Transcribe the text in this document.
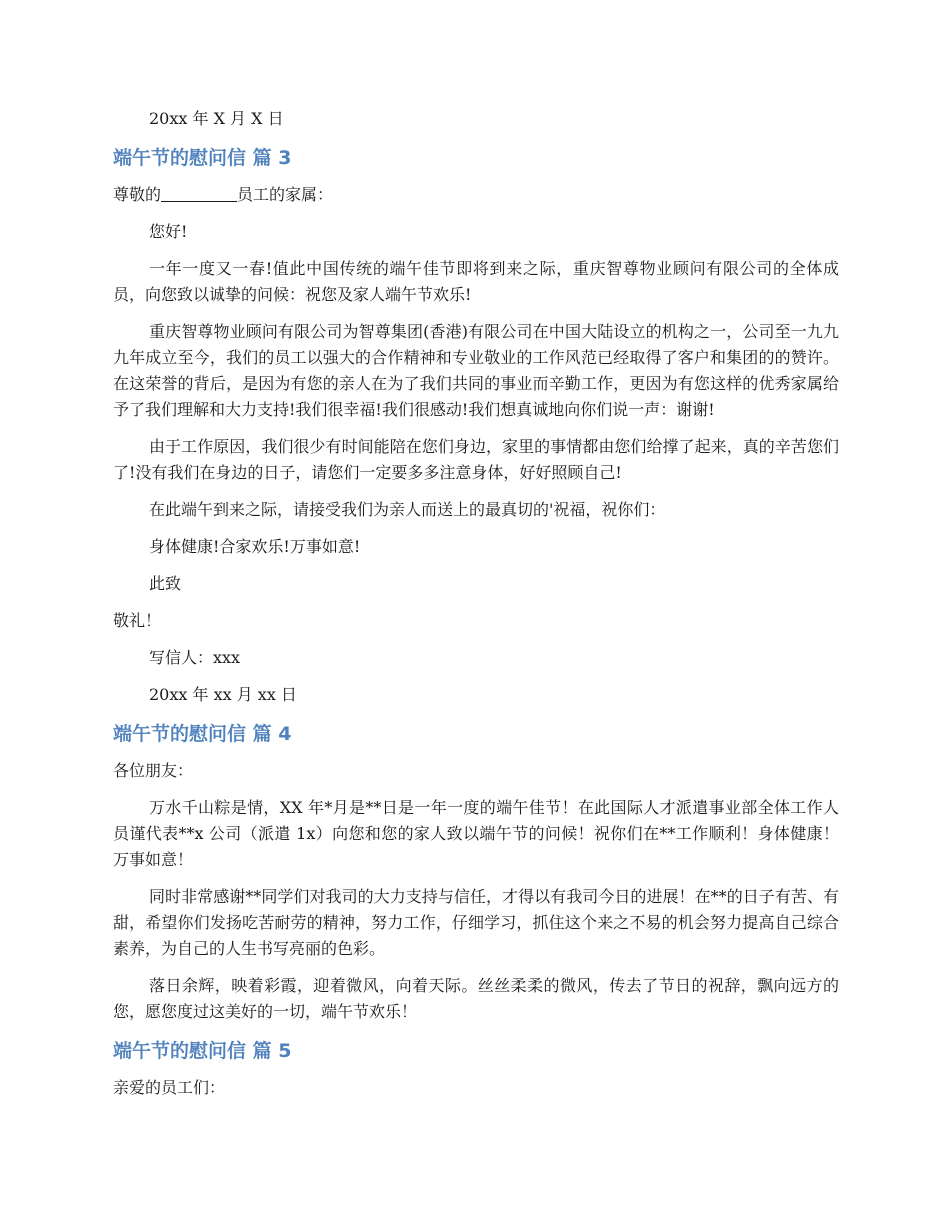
20xx 年 X 月 X 日

端午节的慰问信 篇 3

尊敬的	员工的家属：

您好!

一年一度又一春!值此中国传统的端午佳节即将到来之际，重庆智尊物业顾问有限公司的全体成员，向您致以诚挚的问候：祝您及家人端午节欢乐!

重庆智尊物业顾问有限公司为智尊集团(香港)有限公司在中国大陆设立的机构之一，公司至一九九九年成立至今，我们的员工以强大的合作精神和专业敬业的工作风范已经取得了客户和集团的的赞许。在这荣誉的背后，是因为有您的亲人在为了我们共同的事业而辛勤工作，更因为有您这样的优秀家属给予了我们理解和大力支持!我们很幸福!我们很感动!我们想真诚地向你们说一声：谢谢!

由于工作原因，我们很少有时间能陪在您们身边，家里的事情都由您们给撑了起来，真的辛苦您们了!没有我们在身边的日子，请您们一定要多多注意身体，好好照顾自己!

在此端午到来之际，请接受我们为亲人而送上的最真切的'祝福，祝你们：

身体健康!合家欢乐!万事如意!

此致

敬礼！

写信人：xxx

20xx 年 xx 月 xx 日

端午节的慰问信 篇 4

各位朋友：

万水千山粽是情，XX 年*月是**日是一年一度的端午佳节！在此国际人才派遣事业部全体工作人员谨代表**x 公司（派遣 1x）向您和您的家人致以端午节的问候！祝你们在**工作顺利！身体健康！万事如意！

同时非常感谢**同学们对我司的大力支持与信任，才得以有我司今日的进展！在**的日子有苦、有甜，希望你们发扬吃苦耐劳的精神，努力工作，仔细学习，抓住这个来之不易的机会努力提高自己综合素养，为自己的人生书写亮丽的色彩。

落日余辉，映着彩霞，迎着微风，向着天际。丝丝柔柔的微风，传去了节日的祝辞，飘向远方的您，愿您度过这美好的一切，端午节欢乐！

端午节的慰问信 篇 5

亲爱的员工们：
